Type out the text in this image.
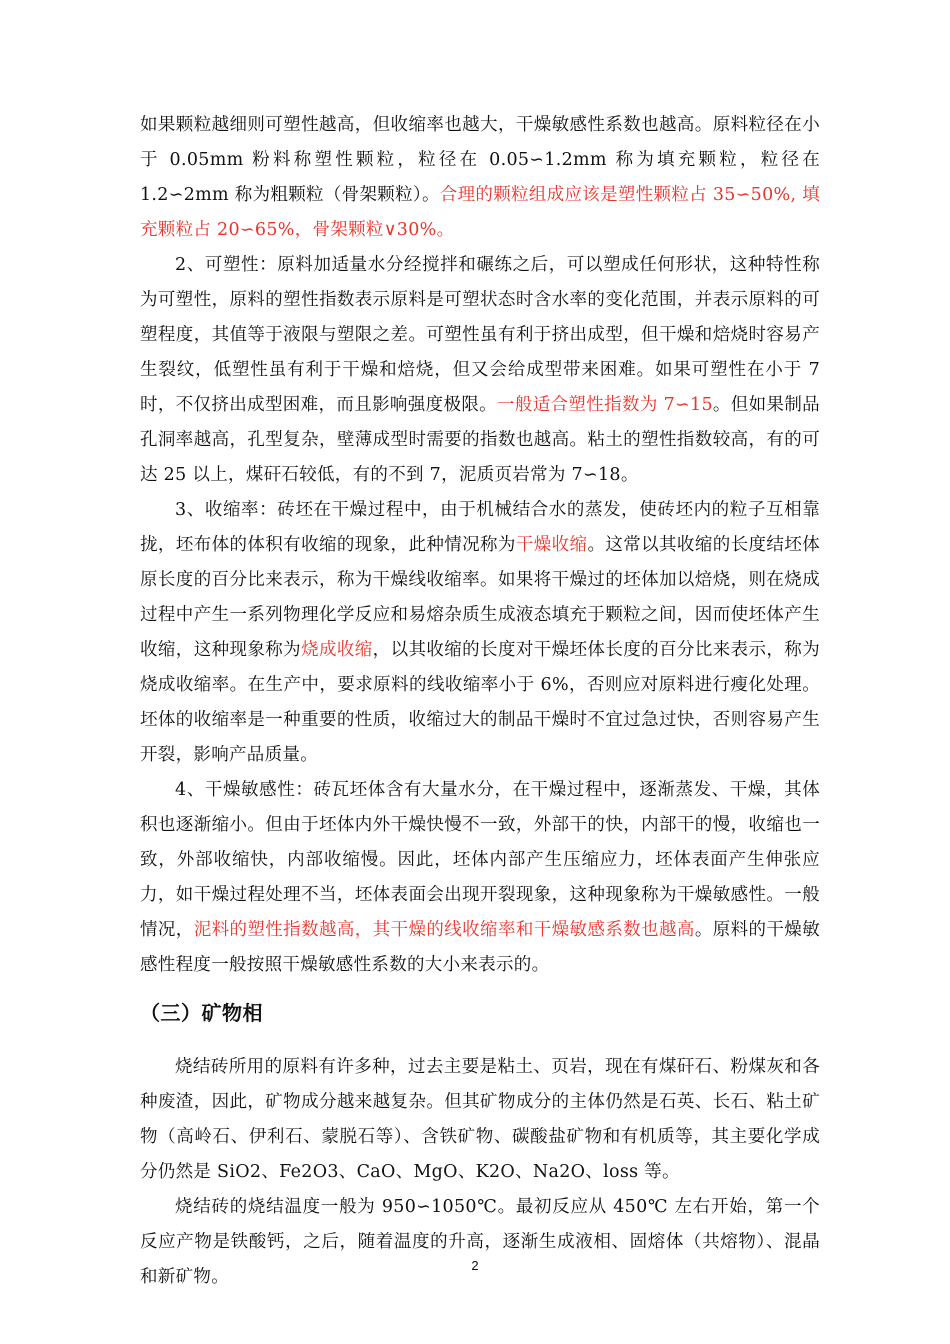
如果颗粒越细则可塑性越高，但收缩率也越大，干燥敏感性系数也越高。原料粒径在小于 0.05mm 粉料称塑性颗粒，粒径在 0.05∽1.2mm 称为填充颗粒，粒径在 1.2∽2mm 称为粗颗粒（骨架颗粒）。合理的颗粒组成应该是塑性颗粒占 35∽50%, 填充颗粒占 20∽65%，骨架颗粒∨30%。

2、可塑性：原料加适量水分经搅拌和碾练之后，可以塑成任何形状，这种特性称为可塑性，原料的塑性指数表示原料是可塑状态时含水率的变化范围，并表示原料的可塑程度，其值等于液限与塑限之差。可塑性虽有利于挤出成型，但干燥和焙烧时容易产生裂纹，低塑性虽有利于干燥和焙烧，但又会给成型带来困难。如果可塑性在小于 7 时，不仅挤出成型困难，而且影响强度极限。一般适合塑性指数为 7∽15。但如果制品孔洞率越高，孔型复杂，壁薄成型时需要的指数也越高。粘土的塑性指数较高，有的可达 25 以上，煤矸石较低，有的不到 7，泥质页岩常为 7∽18。

3、收缩率：砖坯在干燥过程中，由于机械结合水的蒸发，使砖坯内的粒子互相靠拢，坯布体的体积有收缩的现象，此种情况称为干燥收缩。这常以其收缩的长度结坯体原长度的百分比来表示，称为干燥线收缩率。如果将干燥过的坯体加以焙烧，则在烧成过程中产生一系列物理化学反应和易熔杂质生成液态填充于颗粒之间，因而使坯体产生收缩，这种现象称为烧成收缩，以其收缩的长度对干燥坯体长度的百分比来表示，称为烧成收缩率。在生产中，要求原料的线收缩率小于 6%，否则应对原料进行瘦化处理。坯体的收缩率是一种重要的性质，收缩过大的制品干燥时不宜过急过快，否则容易产生开裂，影响产品质量。

4、干燥敏感性：砖瓦坯体含有大量水分，在干燥过程中，逐渐蒸发、干燥，其体积也逐渐缩小。但由于坯体内外干燥快慢不一致，外部干的快，内部干的慢，收缩也一致，外部收缩快，内部收缩慢。因此，坯体内部产生压缩应力，坯体表面产生伸张应力，如干燥过程处理不当，坯体表面会出现开裂现象，这种现象称为干燥敏感性。一般情况，泥料的塑性指数越高，其干燥的线收缩率和干燥敏感系数也越高。原料的干燥敏感性程度一般按照干燥敏感性系数的大小来表示的。

（三）矿物相

烧结砖所用的原料有许多种，过去主要是粘土、页岩，现在有煤矸石、粉煤灰和各种废渣，因此，矿物成分越来越复杂。但其矿物成分的主体仍然是石英、长石、粘土矿物（高岭石、伊利石、蒙脱石等）、含铁矿物、碳酸盐矿物和有机质等，其主要化学成分仍然是 SiO2、Fe2O3、CaO、MgO、K2O、Na2O、loss 等。

烧结砖的烧结温度一般为 950∽1050℃。最初反应从 450℃ 左右开始，第一个反应产物是铁酸钙，之后，随着温度的升高，逐渐生成液相、固熔体（共熔物）、混晶和新矿物。

2
